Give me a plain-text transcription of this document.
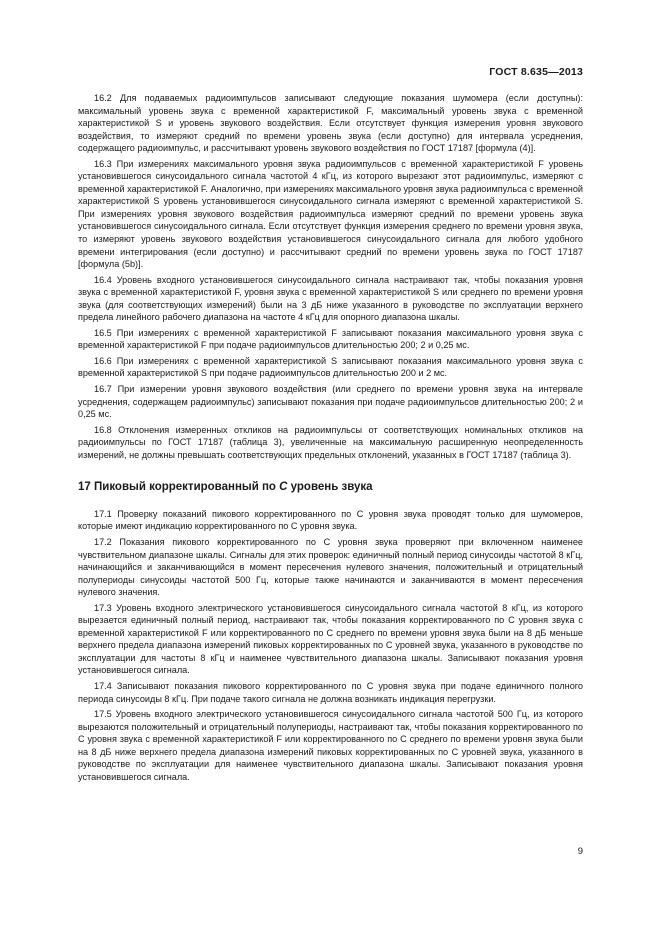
ГОСТ 8.635—2013

16.2 Для подаваемых радиоимпульсов записывают следующие показания шумомера (если доступны): максимальный уровень звука с временной характеристикой F, максимальный уровень звука с временной характеристикой S и уровень звукового воздействия. Если отсутствует функция измерения уровня звукового воздействия, то измеряют средний по времени уровень звука (если доступно) для интервала усреднения, содержащего радиоимпульс, и рассчитывают уровень звукового воздействия по ГОСТ 17187 [формула (4)].

16.3 При измерениях максимального уровня звука радиоимпульсов с временной характеристикой F уровень установившегося синусоидального сигнала частотой 4 кГц, из которого вырезают этот радиоимпульс, измеряют с временной характеристикой F. Аналогично, при измерениях максимального уровня звука радиоимпульса с временной характеристикой S уровень установившегося синусоидального сигнала измеряют с временной характеристикой S. При измерениях уровня звукового воздействия радиоимпульса измеряют средний по времени уровень звука установившегося синусоидального сигнала. Если отсутствует функция измерения среднего по времени уровня звука, то измеряют уровень звукового воздействия установившегося синусоидального сигнала для любого удобного времени интегрирования (если доступно) и рассчитывают средний по времени уровень звука по ГОСТ 17187 [формула (5b)].

16.4 Уровень входного установившегося синусоидального сигнала настраивают так, чтобы показания уровня звука с временной характеристикой F, уровня звука с временной характеристикой S или среднего по времени уровня звука (для соответствующих измерений) были на 3 дБ ниже указанного в руководстве по эксплуатации верхнего предела линейного рабочего диапазона на частоте 4 кГц для опорного диапазона шкалы.

16.5 При измерениях с временной характеристикой F записывают показания максимального уровня звука с временной характеристикой F при подаче радиоимпульсов длительностью 200; 2 и 0,25 мс.

16.6 При измерениях с временной характеристикой S записывают показания максимального уровня звука с временной характеристикой S при подаче радиоимпульсов длительностью 200 и 2 мс.

16.7 При измерении уровня звукового воздействия (или среднего по времени уровня звука на интервале усреднения, содержащем радиоимпульс) записывают показания при подаче радиоимпульсов длительностью 200; 2 и 0,25 мс.

16.8 Отклонения измеренных откликов на радиоимпульсы от соответствующих номинальных откликов на радиоимпульсы по ГОСТ 17187 (таблица 3), увеличенные на максимальную расширенную неопределенность измерений, не должны превышать соответствующих предельных отклонений, указанных в ГОСТ 17187 (таблица 3).

17 Пиковый корректированный по C уровень звука

17.1 Проверку показаний пикового корректированного по C уровня звука проводят только для шумомеров, которые имеют индикацию корректированного по C уровня звука.

17.2 Показания пикового корректированного по C уровня звука проверяют при включенном наименее чувствительном диапазоне шкалы. Сигналы для этих проверок: единичный полный период синусоиды частотой 8 кГц, начинающийся и заканчивающийся в момент пересечения нулевого значения, положительный и отрицательный полупериоды синусоиды частотой 500 Гц, которые также начинаются и заканчиваются в момент пересечения нулевого значения.

17.3 Уровень входного электрического установившегося синусоидального сигнала частотой 8 кГц, из которого вырезается единичный полный период, настраивают так, чтобы показания корректированного по C уровня звука с временной характеристикой F или корректированного по C среднего по времени уровня звука были на 8 дБ меньше верхнего предела диапазона измерений пиковых корректированных по C уровней звука, указанного в руководстве по эксплуатации для частоты 8 кГц и наименее чувствительного диапазона шкалы. Записывают показания уровня установившегося сигнала.

17.4 Записывают показания пикового корректированного по C уровня звука при подаче единичного полного периода синусоиды 8 кГц. При подаче такого сигнала не должна возникать индикация перегрузки.

17.5 Уровень входного электрического установившегося синусоидального сигнала частотой 500 Гц, из которого вырезаются положительный и отрицательный полупериоды, настраивают так, чтобы показания корректированного по C уровня звука с временной характеристикой F или корректированного по C среднего по времени уровня звука были на 8 дБ ниже верхнего предела диапазона измерений пиковых корректированных по C уровней звука, указанного в руководстве по эксплуатации для наименее чувствительного диапазона шкалы. Записывают показания уровня установившегося сигнала.

9
